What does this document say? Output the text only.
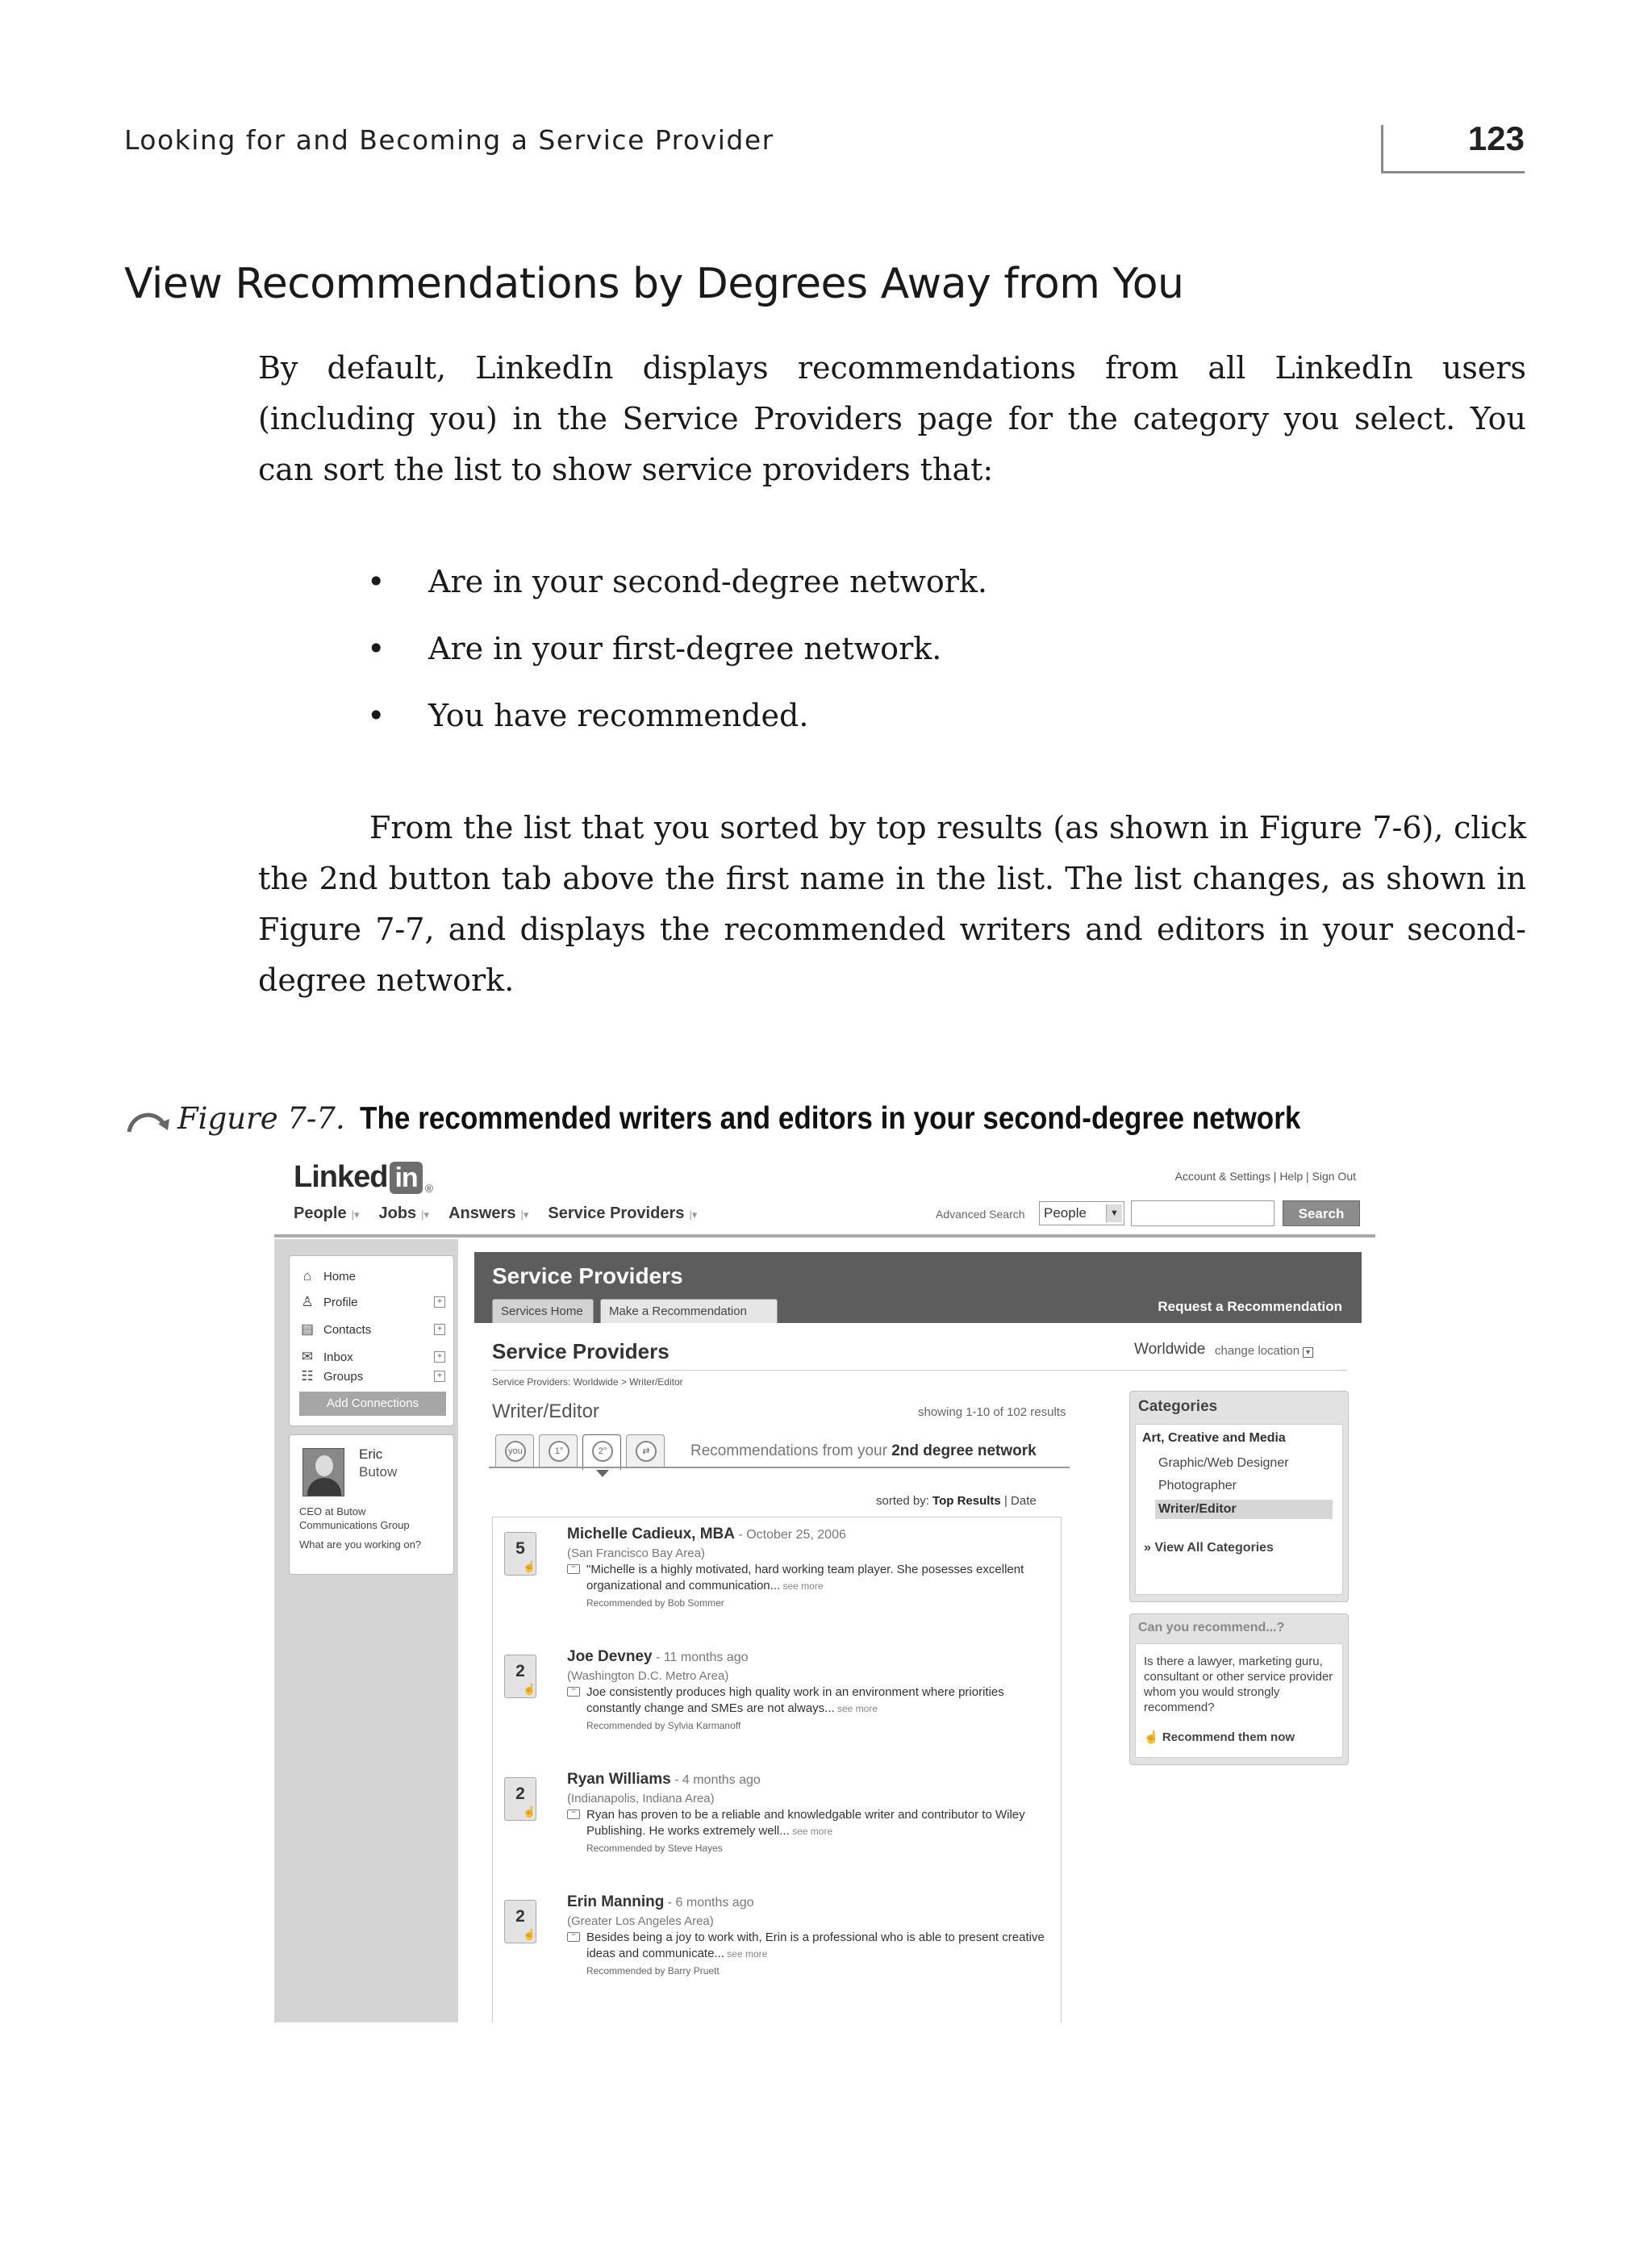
Looking for and Becoming a Service Provider	123
View Recommendations by Degrees Away from You

By default, LinkedIn displays recommendations from all LinkedIn users (including you) in the Service Providers page for the category you select. You can sort the list to show service providers that:

• Are in your second-degree network.
• Are in your first-degree network.
• You have recommended.

From the list that you sorted by top results (as shown in Figure 7-6), click the 2nd button tab above the first name in the list. The list changes, as shown in Figure 7-7, and displays the recommended writers and editors in your second-degree network.

Figure 7-7. The recommended writers and editors in your second-degree network
Linked in ®
Account & Settings | Help | Sign Out
People |▾ Jobs |▾ Answers |▾ Service Providers |▾	Advanced Search	People	▼	Search
⌂ Home
♙ Profile	+
▤ Contacts	+
✉ Inbox	+
☷ Groups	+
Add Connections
Eric
Butow
CEO at Butow Communications Group
What are you working on?
Service Providers
Services Home	Make a Recommendation	Request a Recommendation
Service Providers	Worldwide change location ▼
Service Providers: Worldwide > Writer/Editor
Writer/Editor	showing 1-10 of 102 results
you	1°	2°	⇄	Recommendations from your 2nd degree network
sorted by: Top Results | Date
5
☝
Michelle Cadieux, MBA - October 25, 2006
(San Francisco Bay Area)
“” "Michelle is a highly motivated, hard working team player. She posesses excellent organizational and communication... see more
Recommended by Bob Sommer
2
☝
Joe Devney - 11 months ago
(Washington D.C. Metro Area)
“” Joe consistently produces high quality work in an environment where priorities constantly change and SMEs are not always... see more
Recommended by Sylvia Karmanoff
2
☝
Ryan Williams - 4 months ago
(Indianapolis, Indiana Area)
“” Ryan has proven to be a reliable and knowledgable writer and contributor to Wiley Publishing. He works extremely well... see more
Recommended by Steve Hayes
2
☝
Erin Manning - 6 months ago
(Greater Los Angeles Area)
“” Besides being a joy to work with, Erin is a professional who is able to present creative ideas and communicate... see more
Recommended by Barry Pruett
Categories
Art, Creative and Media
Graphic/Web Designer
Photographer
Writer/Editor
» View All Categories
Can you recommend...?
Is there a lawyer, marketing guru, consultant or other service provider whom you would strongly recommend?
☝ Recommend them now
